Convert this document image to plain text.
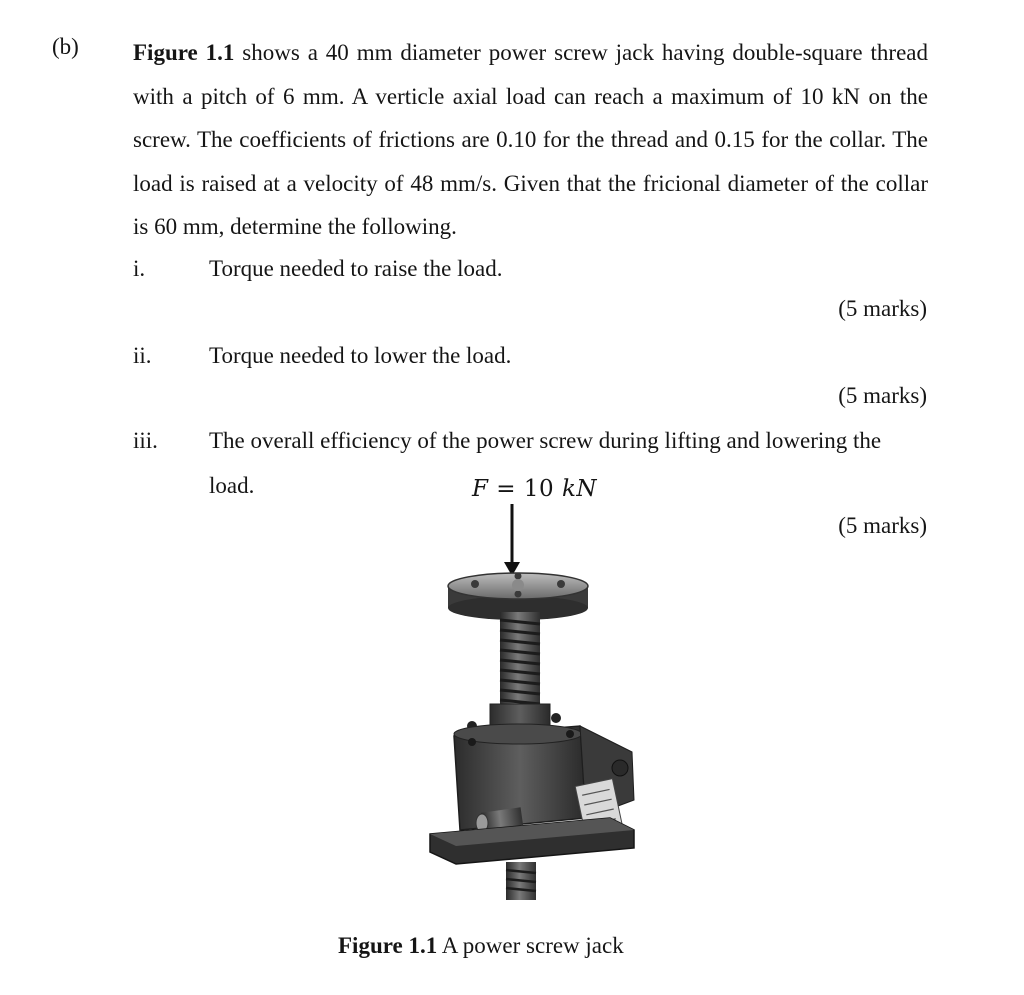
(b) Figure 1.1 shows a 40 mm diameter power screw jack having double-square thread with a pitch of 6 mm. A verticle axial load can reach a maximum of 10 kN on the screw. The coefficients of frictions are 0.10 for the thread and 0.15 for the collar. The load is raised at a velocity of 48 mm/s. Given that the fricional diameter of the collar is 60 mm, determine the following.

i.	Torque needed to raise the load.
(5 marks)
ii. Torque needed to lower the load.
(5 marks)
iii. The overall efficiency of the power screw during lifting and lowering the load.
(5 marks)
F = 10 kN
Figure 1.1 A power screw jack
